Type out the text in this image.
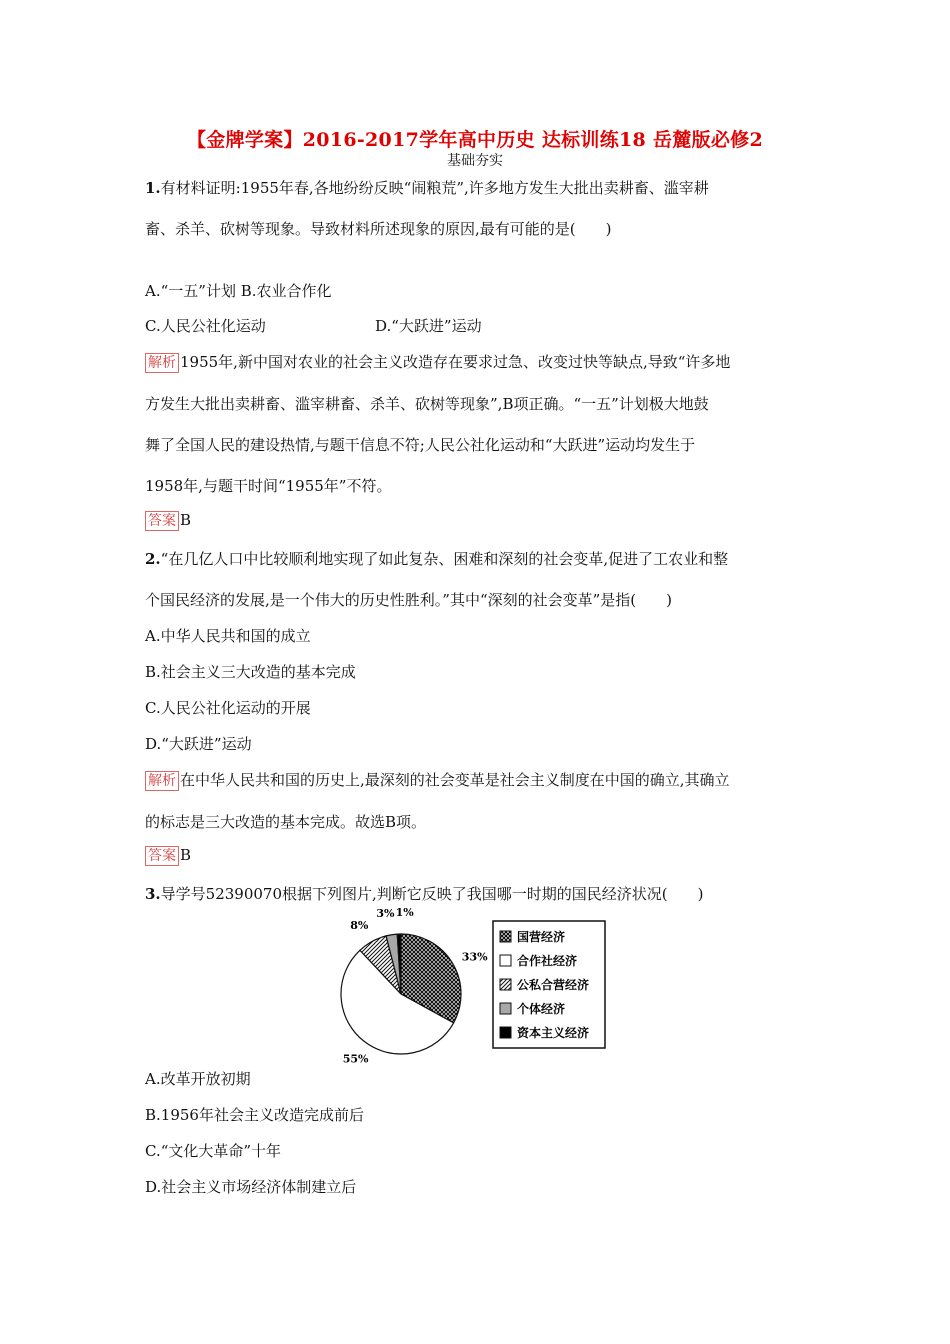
【金牌学案】2016-2017学年高中历史 达标训练18 岳麓版必修2
基础夯实
1.有材料证明:1955年春,各地纷纷反映“闹粮荒”,许多地方发生大批出卖耕畜、滥宰耕
畜、杀羊、砍树等现象。导致材料所述现象的原因,最有可能的是(　　)
A.“一五”计划 B.农业合作化
C.人民公社化运动	D.“大跃进”运动
解析 1955年,新中国对农业的社会主义改造存在要求过急、改变过快等缺点,导致“许多地
方发生大批出卖耕畜、滥宰耕畜、杀羊、砍树等现象”,B项正确。“一五”计划极大地鼓
舞了全国人民的建设热情,与题干信息不符;人民公社化运动和“大跃进”运动均发生于
1958年,与题干时间“1955年”不符。
答案 B
2.“在几亿人口中比较顺利地实现了如此复杂、困难和深刻的社会变革,促进了工农业和整
个国民经济的发展,是一个伟大的历史性胜利。”其中“深刻的社会变革”是指(　　)
A.中华人民共和国的成立
B.社会主义三大改造的基本完成
C.人民公社化运动的开展
D.“大跃进”运动
解析 在中华人民共和国的历史上,最深刻的社会变革是社会主义制度在中国的确立,其确立
的标志是三大改造的基本完成。故选B项。
答案 B
3.导学号52390070根据下列图片,判断它反映了我国哪一时期的国民经济状况(　　)
33%
55%
8%
3% 1%
国营经济
合作社经济
公私合营经济
个体经济
资本主义经济
A.改革开放初期
B.1956年社会主义改造完成前后
C.“文化大革命”十年
D.社会主义市场经济体制建立后
